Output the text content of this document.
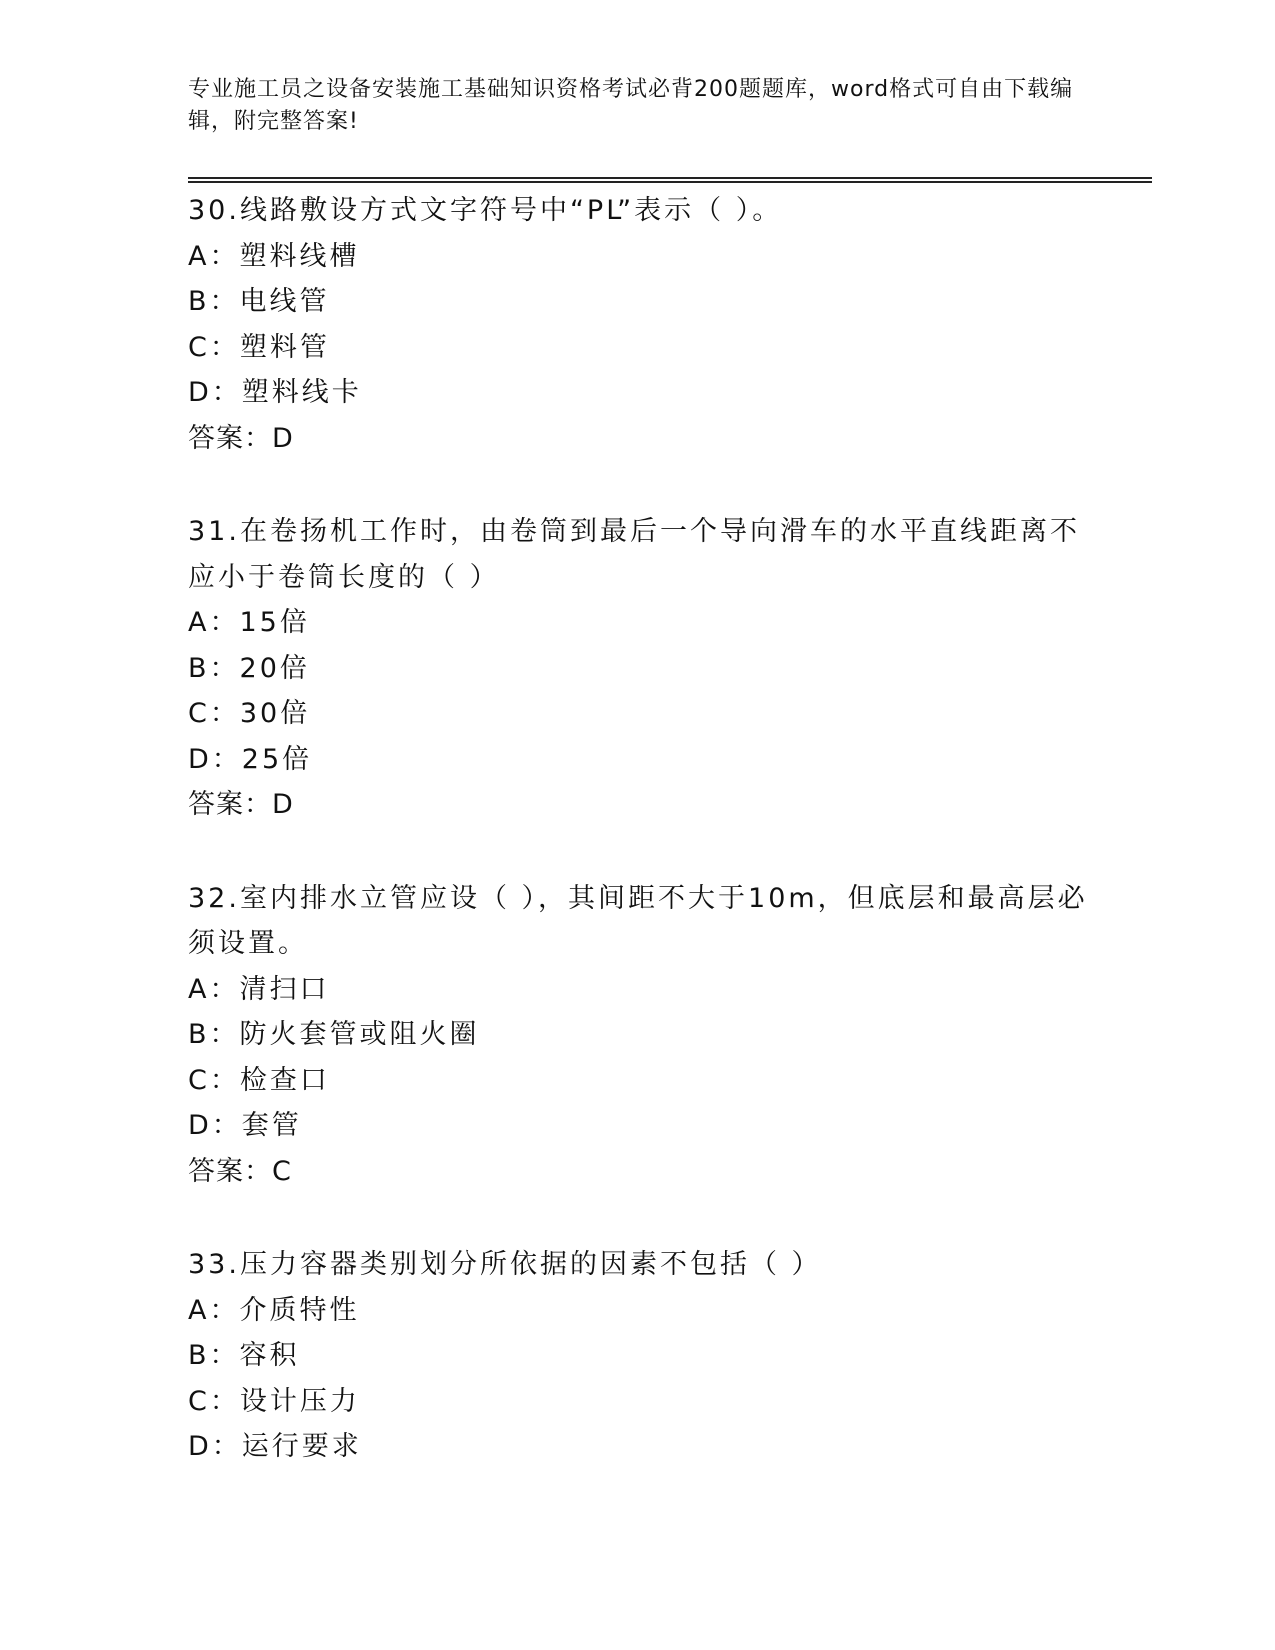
专业施工员之设备安装施工基础知识资格考试必背200题题库，word格式可自由下载编辑，附完整答案!
30.线路敷设方式文字符号中“PL”表示（ ）。
A：塑料线槽
B：电线管
C：塑料管
D：塑料线卡
答案：D
31.在卷扬机工作时，由卷筒到最后一个导向滑车的水平直线距离不应小于卷筒长度的（ ）
A：15倍
B：20倍
C：30倍
D：25倍
答案：D
32.室内排水立管应设（ ），其间距不大于10m，但底层和最高层必须设置。
A：清扫口
B：防火套管或阻火圈
C：检查口
D：套管
答案：C
33.压力容器类别划分所依据的因素不包括（ ）
A：介质特性
B：容积
C：设计压力
D：运行要求
